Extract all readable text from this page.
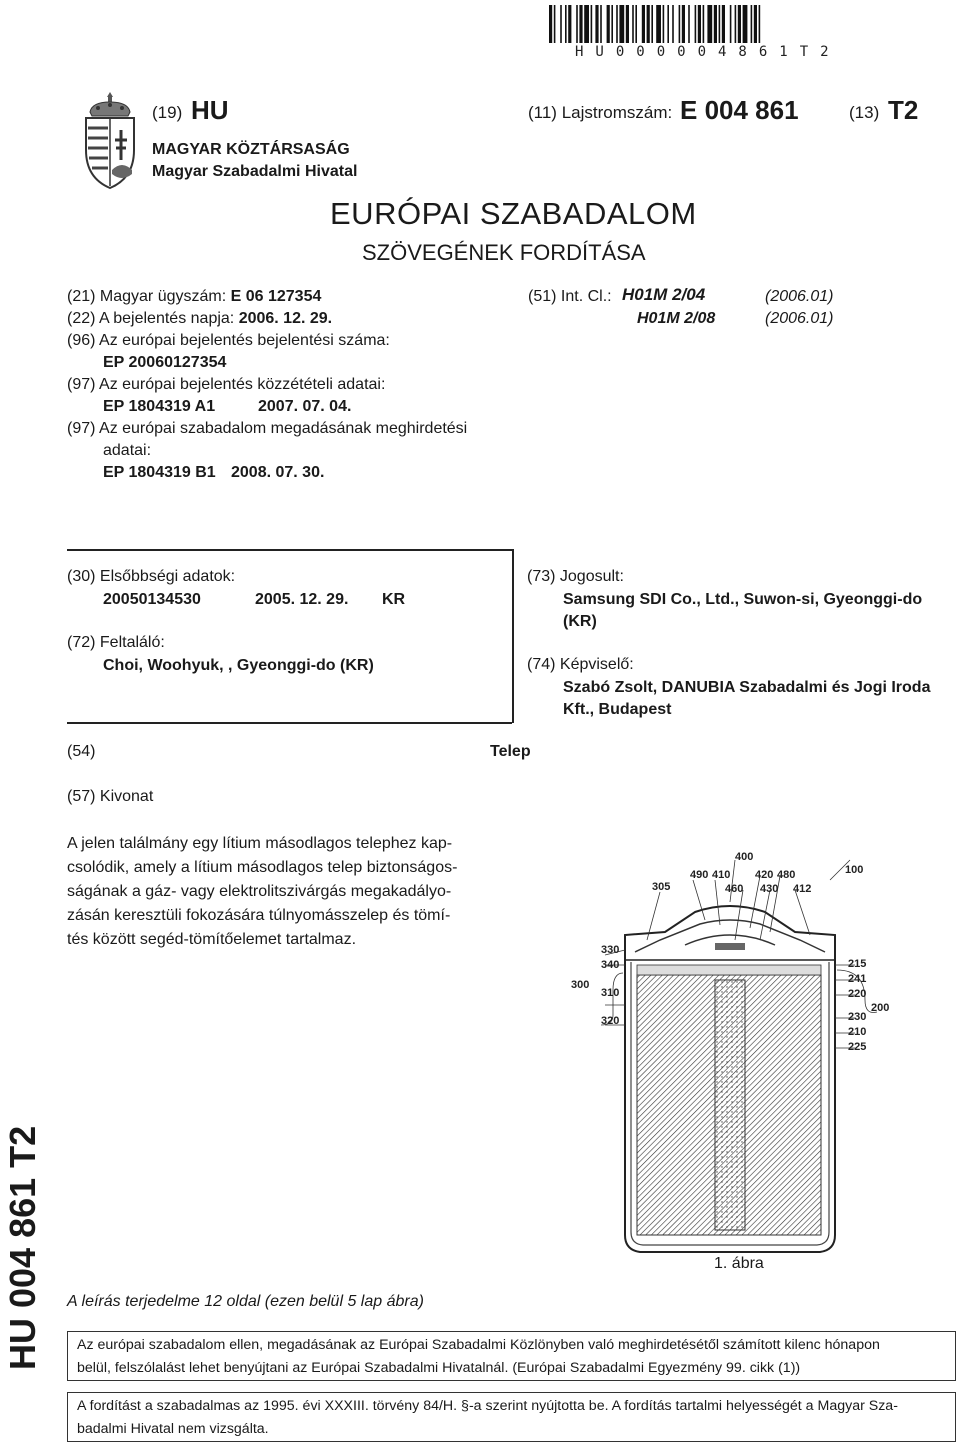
HU000004861T2
(19) HU	(11) Lajstromszám: E 004 861	(13) T2
MAGYAR KÖZTÁRSASÁG
Magyar Szabadalmi Hivatal
EURÓPAI SZABADALOM
SZÖVEGÉNEK FORDÍTÁSA
(21) Magyar ügyszám: E 06 127354
(22) A bejelentés napja: 2006. 12. 29.
(96) Az európai bejelentés bejelentési száma:
EP 20060127354
(97) Az európai bejelentés közzétételi adatai:
EP 1804319 A1	2007. 07. 04.
(97) Az európai szabadalom megadásának meghirdetési
adatai:
EP 1804319 B1 2008. 07. 30.
(51) Int. Cl.: H01M 2/04	(2006.01)
H01M 2/08	(2006.01)
(30) Elsőbbségi adatok:
20050134530	2005. 12. 29. KR
(72) Feltaláló:
Choi, Woohyuk, , Gyeonggi-do (KR)
(73) Jogosult:
Samsung SDI Co., Ltd., Suwon-si, Gyeonggi-do
(KR)
(74) Képviselő:
Szabó Zsolt, DANUBIA Szabadalmi és Jogi Iroda
Kft., Budapest
(54)	Telep
(57) Kivonat
A jelen találmány egy lítium másodlagos telephez kap-
csolódik, amely a lítium másodlagos telep biztonságos-
ságának a gáz- vagy elektrolitszivárgás megakadályo-
zásán keresztüli fokozására túlnyomásszelep és tömí-
tés között segéd-tömítőelemet tartalmaz.
400
490 410 420 480
460 430 412
100
305
330
340
300
310
320
215
241
220
200
230
210
225
1. ábra
HU 004 861 T2 A leírás terjedelme 12 oldal (ezen belül 5 lap ábra)
Az európai szabadalom ellen, megadásának az Európai Szabadalmi Közlönyben való meghirdetésétől számított kilenc hónapon
belül, felszólalást lehet benyújtani az Európai Szabadalmi Hivatalnál. (Európai Szabadalmi Egyezmény 99. cikk (1))
A fordítást a szabadalmas az 1995. évi XXXIII. törvény 84/H. §-a szerint nyújtotta be. A fordítás tartalmi helyességét a Magyar Sza-
badalmi Hivatal nem vizsgálta.
